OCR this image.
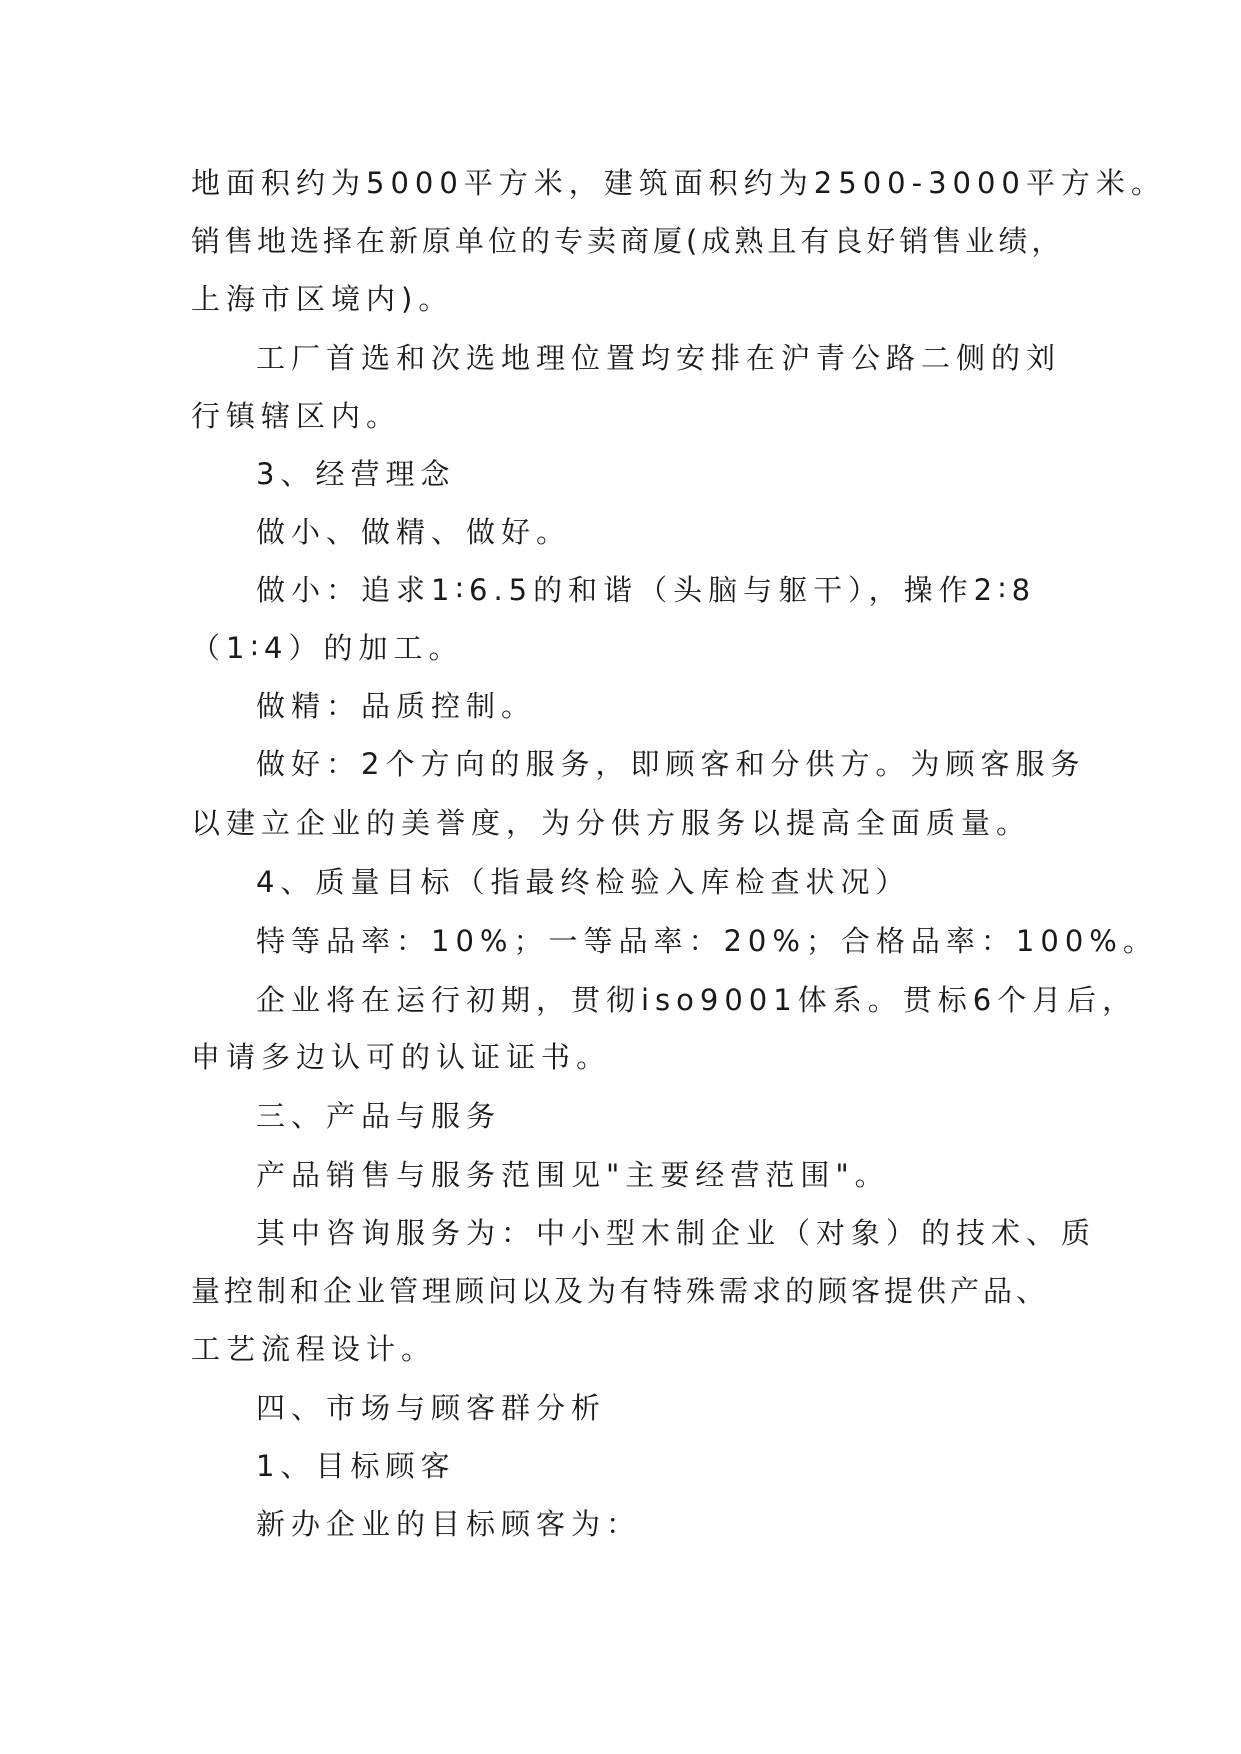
地面积约为5000平方米，建筑面积约为2500-3000平方米。
销售地选择在新原单位的专卖商厦(成熟且有良好销售业绩，
上海市区境内)。
工厂首选和次选地理位置均安排在沪青公路二侧的刘
行镇辖区内。
3、经营理念
做小、做精、做好。
做小：追求1∶6.5的和谐（头脑与躯干），操作2∶8
（1∶4）的加工。
做精：品质控制。
做好：2个方向的服务，即顾客和分供方。为顾客服务
以建立企业的美誉度，为分供方服务以提高全面质量。
4、质量目标（指最终检验入库检查状况）
特等品率：10%；一等品率：20%；合格品率：100%。
企业将在运行初期，贯彻iso9001体系。贯标6个月后，
申请多边认可的认证证书。
三、产品与服务
产品销售与服务范围见"主要经营范围"。
其中咨询服务为：中小型木制企业（对象）的技术、质
量控制和企业管理顾问以及为有特殊需求的顾客提供产品、
工艺流程设计。
四、市场与顾客群分析
1、目标顾客
新办企业的目标顾客为：
